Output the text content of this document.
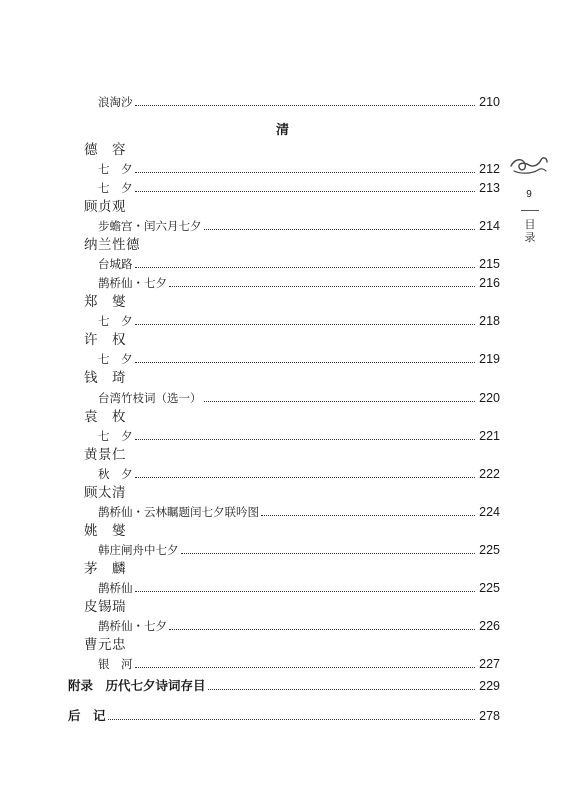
浪淘沙	210
清
德　容
七　夕	212
七　夕	213
顾贞观
步蟾宫・闰六月七夕	214
纳兰性德
台城路	215
鹊桥仙・七夕	216
郑　燮
七　夕	218
许　权
七　夕	219
钱　琦
台湾竹枝词（选一）	220
袁　枚
七　夕	221
黄景仁
秋　夕	222
顾太清
鹊桥仙・云林瞩题闰七夕联吟图	224
姚　燮
韩庄闸舟中七夕	225
茅　麟
鹊桥仙	225
皮锡瑞
鹊桥仙・七夕	226
曹元忠
银　河	227
附录　历代七夕诗词存目	229
后　记	278
9
目
录
